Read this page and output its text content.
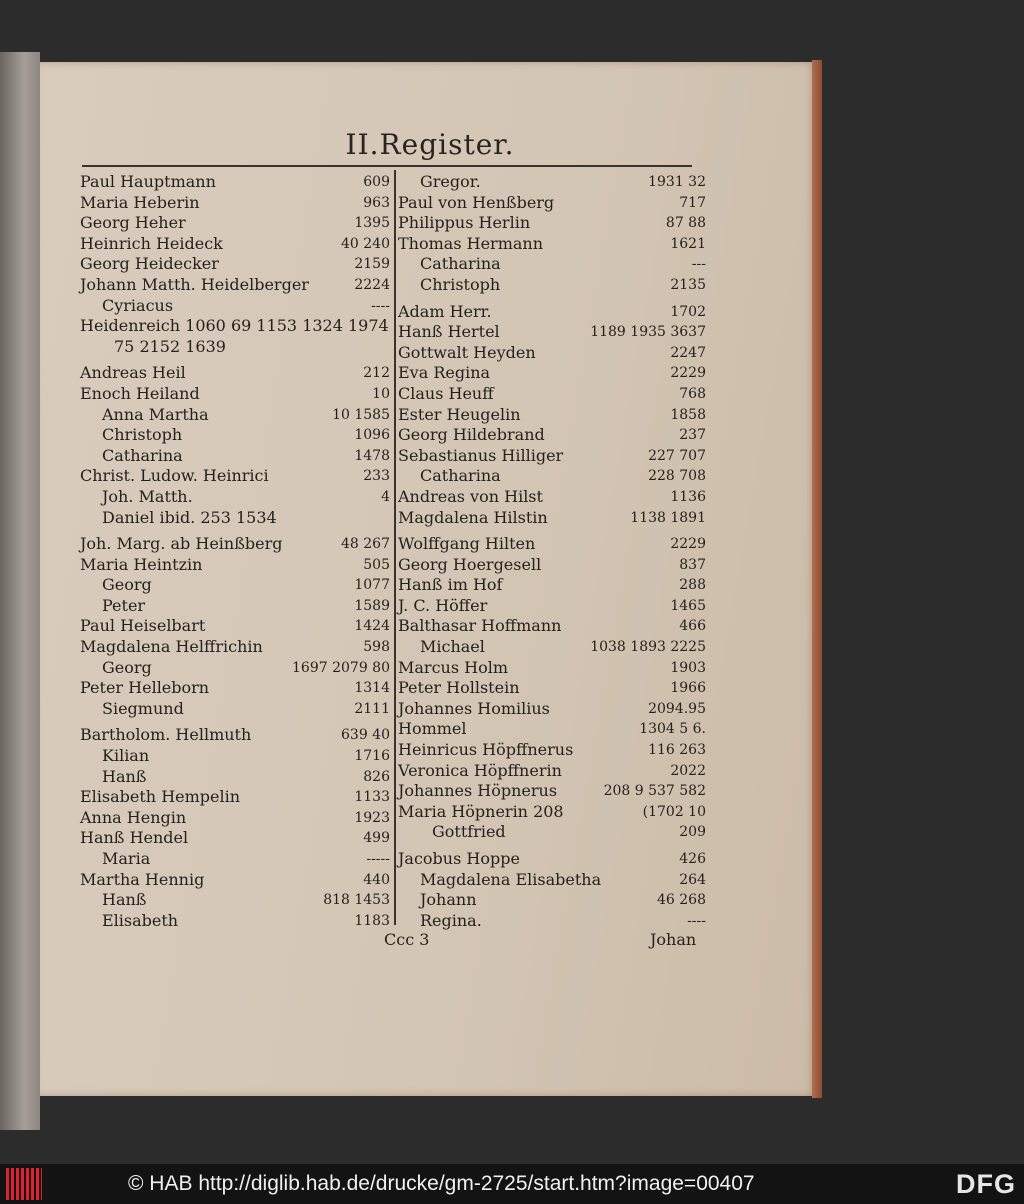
II.Register.
Paul Hauptmann	609
Maria Heberin	963
Georg Heher	1395
Heinrich Heideck	40 240
Georg Heidecker	2159
Johann Matth. Heidelberger	2224
Cyriacus	----
Heidenreich 1060 69 1153 1324 1974
75 2152 1639
Andreas Heil	212
Enoch Heiland	10
Anna Martha	10 1585
Christoph	1096
Catharina	1478
Christ. Ludow. Heinrici	233
Joh. Matth.	4
Daniel ibid. 253 1534
Joh. Marg. ab Heinßberg	48 267
Maria Heintzin	505
Georg	1077
Peter	1589
Paul Heiselbart	1424
Magdalena Helffrichin	598
Georg	1697 2079 80
Peter Helleborn	1314
Siegmund	2111
Bartholom. Hellmuth	639 40
Kilian	1716
Hanß	826
Elisabeth Hempelin	1133
Anna Hengin	1923
Hanß Hendel	499
Maria	-----
Martha Hennig	440
Hanß	818 1453
Elisabeth	1183
Gregor.	1931 32
Paul von Henßberg	717
Philippus Herlin	87 88
Thomas Hermann	1621
Catharina	---
Christoph	2135
Adam Herr.	1702
Hanß Hertel	1189 1935 3637
Gottwalt Heyden	2247
Eva Regina	2229
Claus Heuff	768
Ester Heugelin	1858
Georg Hildebrand	237
Sebastianus Hilliger	227 707
Catharina	228 708
Andreas von Hilst	1136
Magdalena Hilstin	1138 1891
Wolffgang Hilten	2229
Georg Hoergesell	837
Hanß im Hof	288
J. C. Höffer	1465
Balthasar Hoffmann	466
Michael	1038 1893 2225
Marcus Holm	1903
Peter Hollstein	1966
Johannes Homilius	2094.95
Hommel	1304 5 6.
Heinricus Höpffnerus	116 263
Veronica Höpffnerin	2022
Johannes Höpnerus	208 9 537 582
Maria Höpnerin 208	(1702 10
Gottfried	209
Jacobus Hoppe	426
Magdalena Elisabetha	264
Johann	46 268
Regina.	----
Ccc 3	Johan
© HAB http://diglib.hab.de/drucke/gm-2725/start.htm?image=00407	DFG
